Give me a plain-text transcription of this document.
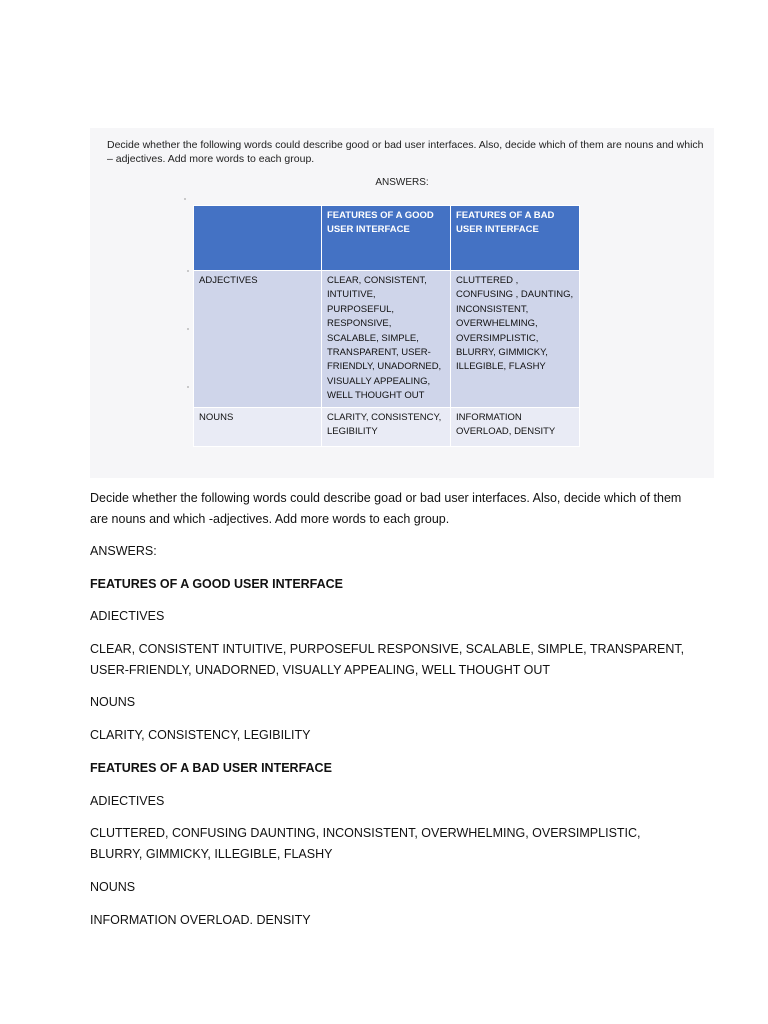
Decide whether the following words could describe good or bad user interfaces. Also, decide which of them are nouns and which – adjectives. Add more words to each group.
ANSWERS:
	FEATURES OF A GOOD USER INTERFACE	FEATURES OF A BAD USER INTERFACE
ADJECTIVES	CLEAR, CONSISTENT, INTUITIVE, PURPOSEFUL, RESPONSIVE, SCALABLE, SIMPLE, TRANSPARENT, USER-FRIENDLY, UNADORNED, VISUALLY APPEALING, WELL THOUGHT OUT	CLUTTERED , CONFUSING , DAUNTING, INCONSISTENT, OVERWHELMING, OVERSIMPLISTIC, BLURRY, GIMMICKY, ILLEGIBLE, FLASHY
NOUNS	CLARITY, CONSISTENCY, LEGIBILITY	INFORMATION OVERLOAD, DENSITY
Decide whether the following words could describe goad or bad user interfaces. Also, decide which of them are nouns and which -adjectives. Add more words to each group.
ANSWERS:
FEATURES OF A GOOD USER INTERFACE
ADIECTIVES
CLEAR, CONSISTENT INTUITIVE, PURPOSEFUL RESPONSIVE, SCALABLE, SIMPLE, TRANSPARENT, USER-FRIENDLY, UNADORNED, VISUALLY APPEALING, WELL THOUGHT OUT
NOUNS
CLARITY, CONSISTENCY, LEGIBILITY
FEATURES OF A BAD USER INTERFACE
ADIECTIVES
CLUTTERED, CONFUSING DAUNTING, INCONSISTENT, OVERWHELMING, OVERSIMPLISTIC, BLURRY, GIMMICKY, ILLEGIBLE, FLASHY
NOUNS
INFORMATION OVERLOAD. DENSITY
